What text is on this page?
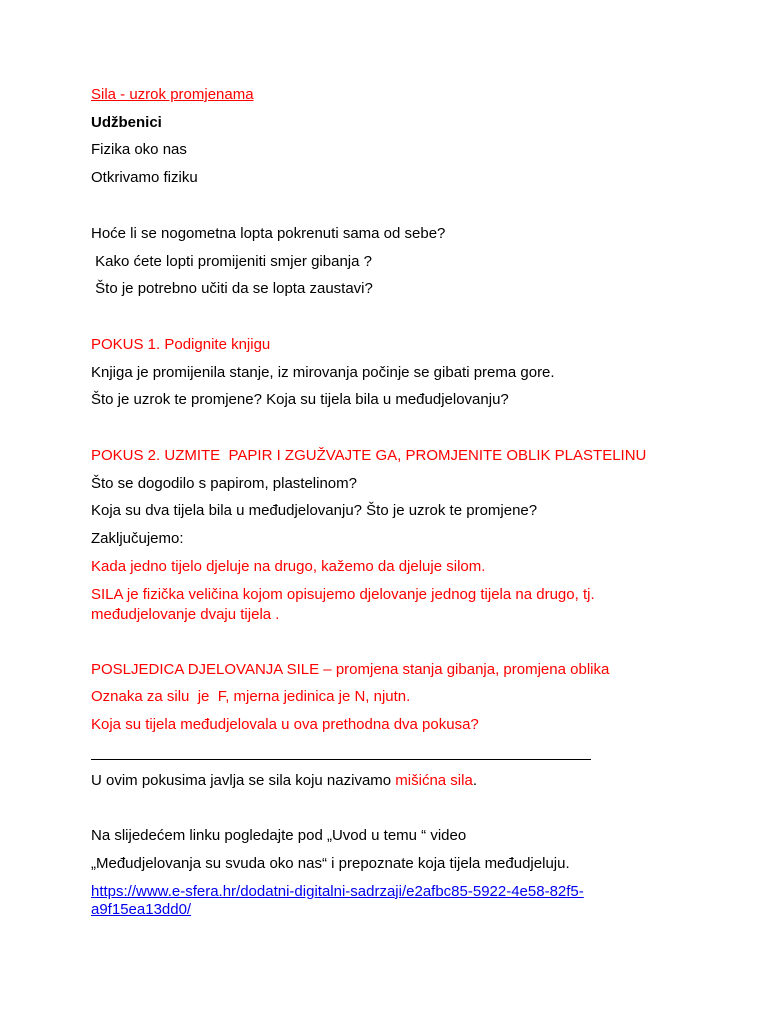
Sila - uzrok promjenama
Udžbenici
Fizika oko nas
Otkrivamo fiziku
Hoće li se nogometna lopta pokrenuti sama od sebe?
Kako ćete lopti promijeniti smjer gibanja ?
Što je potrebno učiti da se lopta zaustavi?
POKUS 1. Podignite knjigu
Knjiga je promijenila stanje, iz mirovanja počinje se gibati prema gore.
Što je uzrok te promjene? Koja su tijela bila u međudjelovanju?
POKUS 2. UZMITE  PAPIR I ZGUŽVAJTE GA, PROMJENITE OBLIK PLASTELINU
Što se dogodilo s papirom, plastelinom?
Koja su dva tijela bila u međudjelovanju? Što je uzrok te promjene?
Zaključujemo:
Kada jedno tijelo djeluje na drugo, kažemo da djeluje silom.
SILA je fizička veličina kojom opisujemo djelovanje jednog tijela na drugo, tj.
međudjelovanje dvaju tijela .
POSLJEDICA DJELOVANJA SILE – promjena stanja gibanja, promjena oblika
Oznaka za silu  je  F, mjerna jedinica je N, njutn.
Koja su tijela međudjelovala u ova prethodna dva pokusa?
U ovim pokusima javlja se sila koju nazivamo mišićna sila.
Na slijedećem linku pogledajte pod „Uvod u temu “ video
„Međudjelovanja su svuda oko nas“ i prepoznate koja tijela međudjeluju.
https://www.e-sfera.hr/dodatni-digitalni-sadrzaji/e2afbc85-5922-4e58-82f5-
a9f15ea13dd0/
